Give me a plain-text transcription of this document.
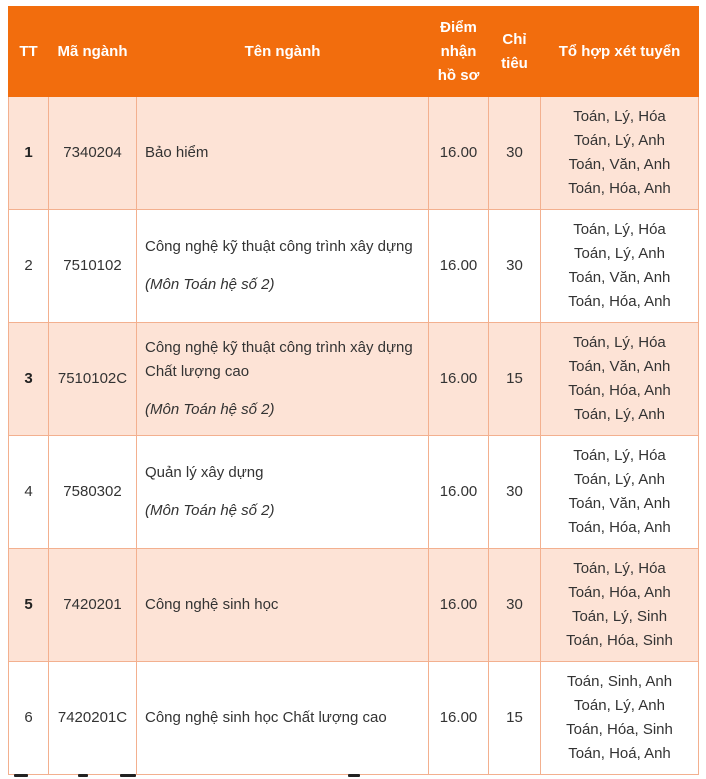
TT	Mã ngành	Tên ngành	Điểm nhận hồ sơ	Chỉ tiêu	Tổ hợp xét tuyển
1	7340204	Bảo hiểm	16.00	30	Toán, Lý, Hóa
Toán, Lý, Anh
Toán, Văn, Anh
Toán, Hóa, Anh

2	7510102	Công nghệ kỹ thuật công trình xây dựng
(Môn Toán hệ số 2)	16.00	30	Toán, Lý, Hóa
Toán, Lý, Anh
Toán, Văn, Anh
Toán, Hóa, Anh

3	7510102C	Công nghệ kỹ thuật công trình xây dựng Chất lượng cao
(Môn Toán hệ số 2)	16.00	15	Toán, Lý, Hóa
Toán, Văn, Anh
Toán, Hóa, Anh
Toán, Lý, Anh

4	7580302	Quản lý xây dựng
(Môn Toán hệ số 2)	16.00	30	Toán, Lý, Hóa
Toán, Lý, Anh
Toán, Văn, Anh
Toán, Hóa, Anh

5	7420201	Công nghệ sinh học	16.00	30	Toán, Lý, Hóa
Toán, Hóa, Anh
Toán, Lý, Sinh
Toán, Hóa, Sinh

6	7420201C	Công nghệ sinh học Chất lượng cao	16.00	15	Toán, Sinh, Anh
Toán, Lý, Anh
Toán, Hóa, Sinh
Toán, Hoá, Anh
